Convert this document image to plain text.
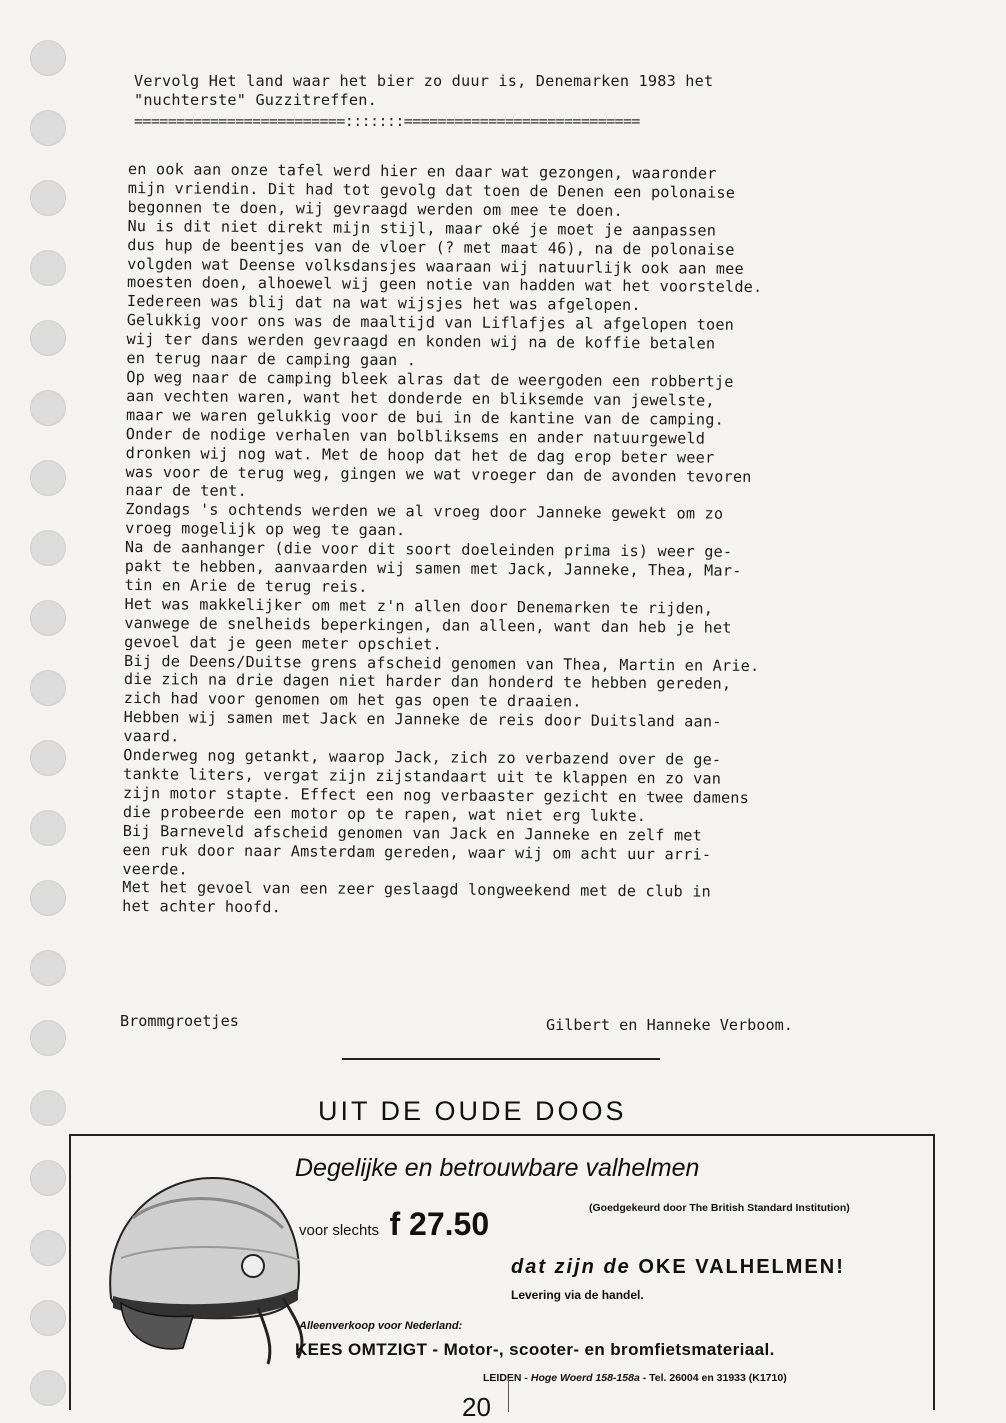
Vervolg Het land waar het bier zo duur is, Denemarken 1983 het
"nuchterste" Guzzitreffen.
=========================:::::::============================
en ook aan onze tafel werd hier en daar wat gezongen, waaronder
mijn vriendin. Dit had tot gevolg dat toen de Denen een polonaise
begonnen te doen, wij gevraagd werden om mee te doen.
Nu is dit niet direkt mijn stijl, maar oké je moet je aanpassen
dus hup de beentjes van de vloer (? met maat 46), na de polonaise
volgden wat Deense volksdansjes waaraan wij natuurlijk ook aan mee
moesten doen, alhoewel wij geen notie van hadden wat het voorstelde.
Iedereen was blij dat na wat wijsjes het was afgelopen.
Gelukkig voor ons was de maaltijd van Liflafjes al afgelopen toen
wij ter dans werden gevraagd en konden wij na de koffie betalen
en terug naar de camping gaan .
Op weg naar de camping bleek alras dat de weergoden een robbertje
aan vechten waren, want het donderde en bliksemde van jewelste,
maar we waren gelukkig voor de bui in de kantine van de camping.
Onder de nodige verhalen van bolbliksems en ander natuurgeweld
dronken wij nog wat. Met de hoop dat het de dag erop beter weer
was voor de terug weg, gingen we wat vroeger dan de avonden tevoren
naar de tent.
Zondags 's ochtends werden we al vroeg door Janneke gewekt om zo
vroeg mogelijk op weg te gaan.
Na de aanhanger (die voor dit soort doeleinden prima is) weer ge-
pakt te hebben, aanvaarden wij samen met Jack, Janneke, Thea, Mar-
tin en Arie de terug reis.
Het was makkelijker om met z'n allen door Denemarken te rijden,
vanwege de snelheids beperkingen, dan alleen, want dan heb je het
gevoel dat je geen meter opschiet.
Bij de Deens/Duitse grens afscheid genomen van Thea, Martin en Arie.
die zich na drie dagen niet harder dan honderd te hebben gereden,
zich had voor genomen om het gas open te draaien.
Hebben wij samen met Jack en Janneke de reis door Duitsland aan-
vaard.
Onderweg nog getankt, waarop Jack, zich zo verbazend over de ge-
tankte liters, vergat zijn zijstandaart uit te klappen en zo van
zijn motor stapte. Effect een nog verbaaster gezicht en twee damens
die probeerde een motor op te rapen, wat niet erg lukte.
Bij Barneveld afscheid genomen van Jack en Janneke en zelf met
een ruk door naar Amsterdam gereden, waar wij om acht uur arri-
veerde.
Met het gevoel van een zeer geslaagd longweekend met de club in
het achter hoofd.
Brommgroetjes	Gilbert en Hanneke Verboom.
UIT DE OUDE DOOS
Degelijke en betrouwbare valhelmen
voor slechts f 27.50	(Goedgekeurd door The British Standard Institution)
dat zijn de OKE VALHELMEN!
Levering via de handel.
Alleenverkoop voor Nederland:
KEES OMTZIGT - Motor-, scooter- en bromfietsmateriaal.
LEIDEN - Hoge Woerd 158-158a - Tel. 26004 en 31933 (K1710)
20
